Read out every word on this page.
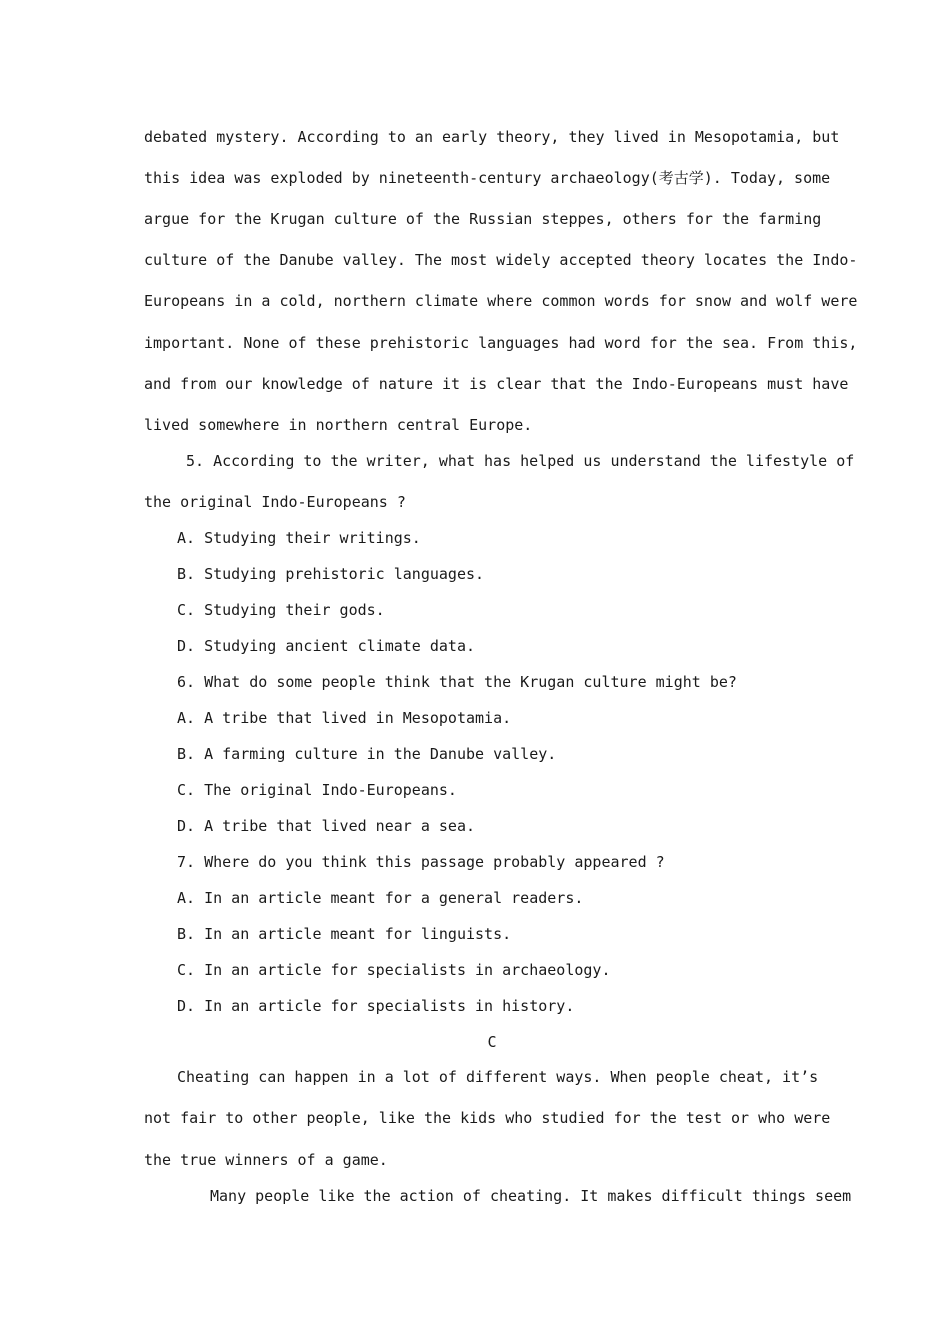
debated mystery. According to an early theory, they lived in Mesopotamia, but
this idea was exploded by nineteenth-century archaeology(考古学). Today, some
argue for the Krugan culture of the Russian steppes, others for the farming
culture of the Danube valley. The most widely accepted theory locates the Indo-
Europeans in a cold, northern climate where common words for snow and wolf were
important. None of these prehistoric languages had word for the sea. From this,
and from our knowledge of nature it is clear that the Indo-Europeans must have
lived somewhere in northern central Europe.
5. According to the writer, what has helped us understand the lifestyle of
the original Indo-Europeans ?
A. Studying their writings.
B. Studying prehistoric languages.
C. Studying their gods.
D. Studying ancient climate data.
6. What do some people think that the Krugan culture might be?
A. A tribe that lived in Mesopotamia.
B. A farming culture in the Danube valley.
C. The original Indo-Europeans.
D. A tribe that lived near a sea.
7. Where do you think this passage probably appeared ?
A. In an article meant for a general readers.
B. In an article meant for linguists.
C. In an article for specialists in archaeology.
D. In an article for specialists in history.
C
Cheating can happen in a lot of different ways. When people cheat, it’s
not fair to other people, like the kids who studied for the test or who were
the true winners of a game.
Many people like the action of cheating. It makes difficult things seem
